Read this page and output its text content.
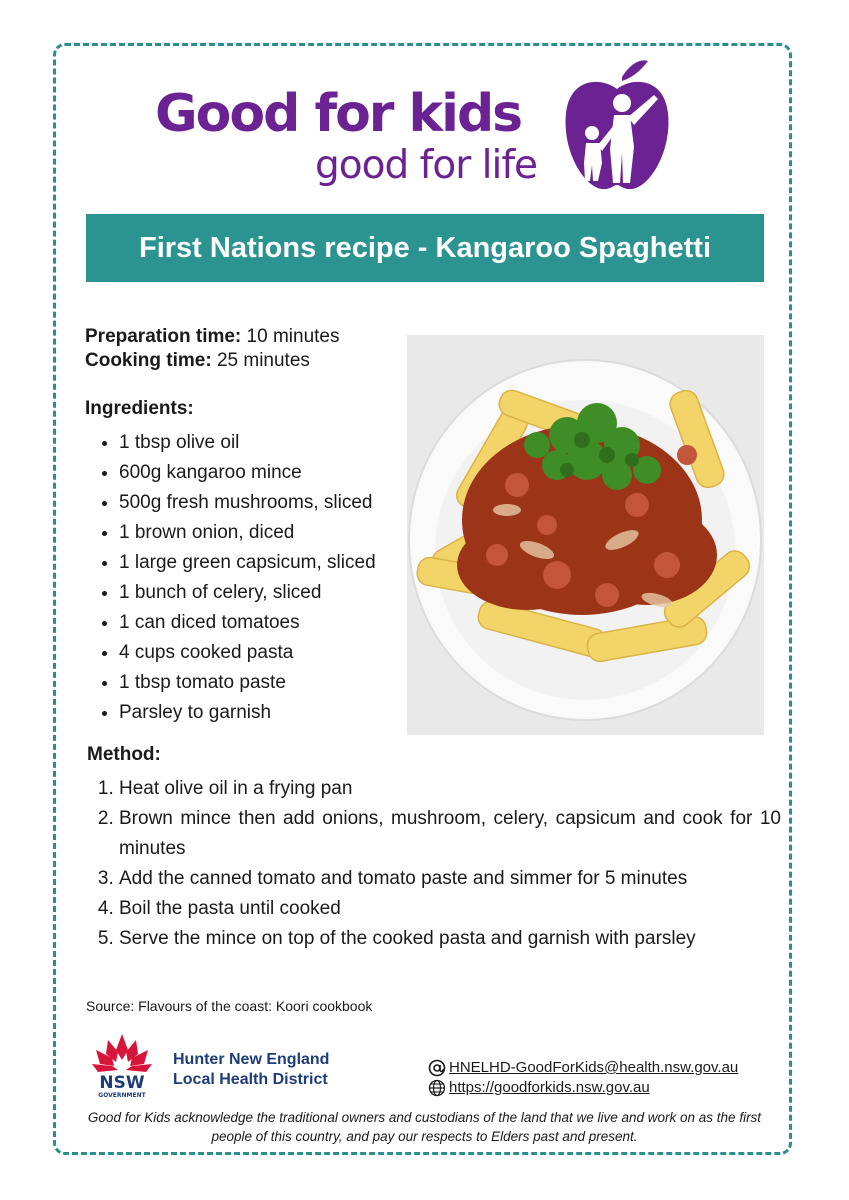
Good for kids
good for life
First Nations recipe - Kangaroo Spaghetti
Preparation time: 10 minutes
Cooking time: 25 minutes
Ingredients:
• 1 tbsp olive oil
• 600g kangaroo mince
• 500g fresh mushrooms, sliced
• 1 brown onion, diced
• 1 large green capsicum, sliced
• 1 bunch of celery, sliced
• 1 can diced tomatoes
• 4 cups cooked pasta
• 1 tbsp tomato paste
• Parsley to garnish
Method:
1. Heat olive oil in a frying pan
2. Brown mince then add onions, mushroom, celery, capsicum and cook for 10 minutes
3. Add the canned tomato and tomato paste and simmer for 5 minutes
4. Boil the pasta until cooked
5. Serve the mince on top of the cooked pasta and garnish with parsley
Source: Flavours of the coast: Koori cookbook
NSW
GOVERNMENT
Hunter New England
Local Health District
HNELHD-GoodForKids@health.nsw.gov.au
https://goodforkids.nsw.gov.au
Good for Kids acknowledge the traditional owners and custodians of the land that we live and work on as the first people of this country, and pay our respects to Elders past and present.
